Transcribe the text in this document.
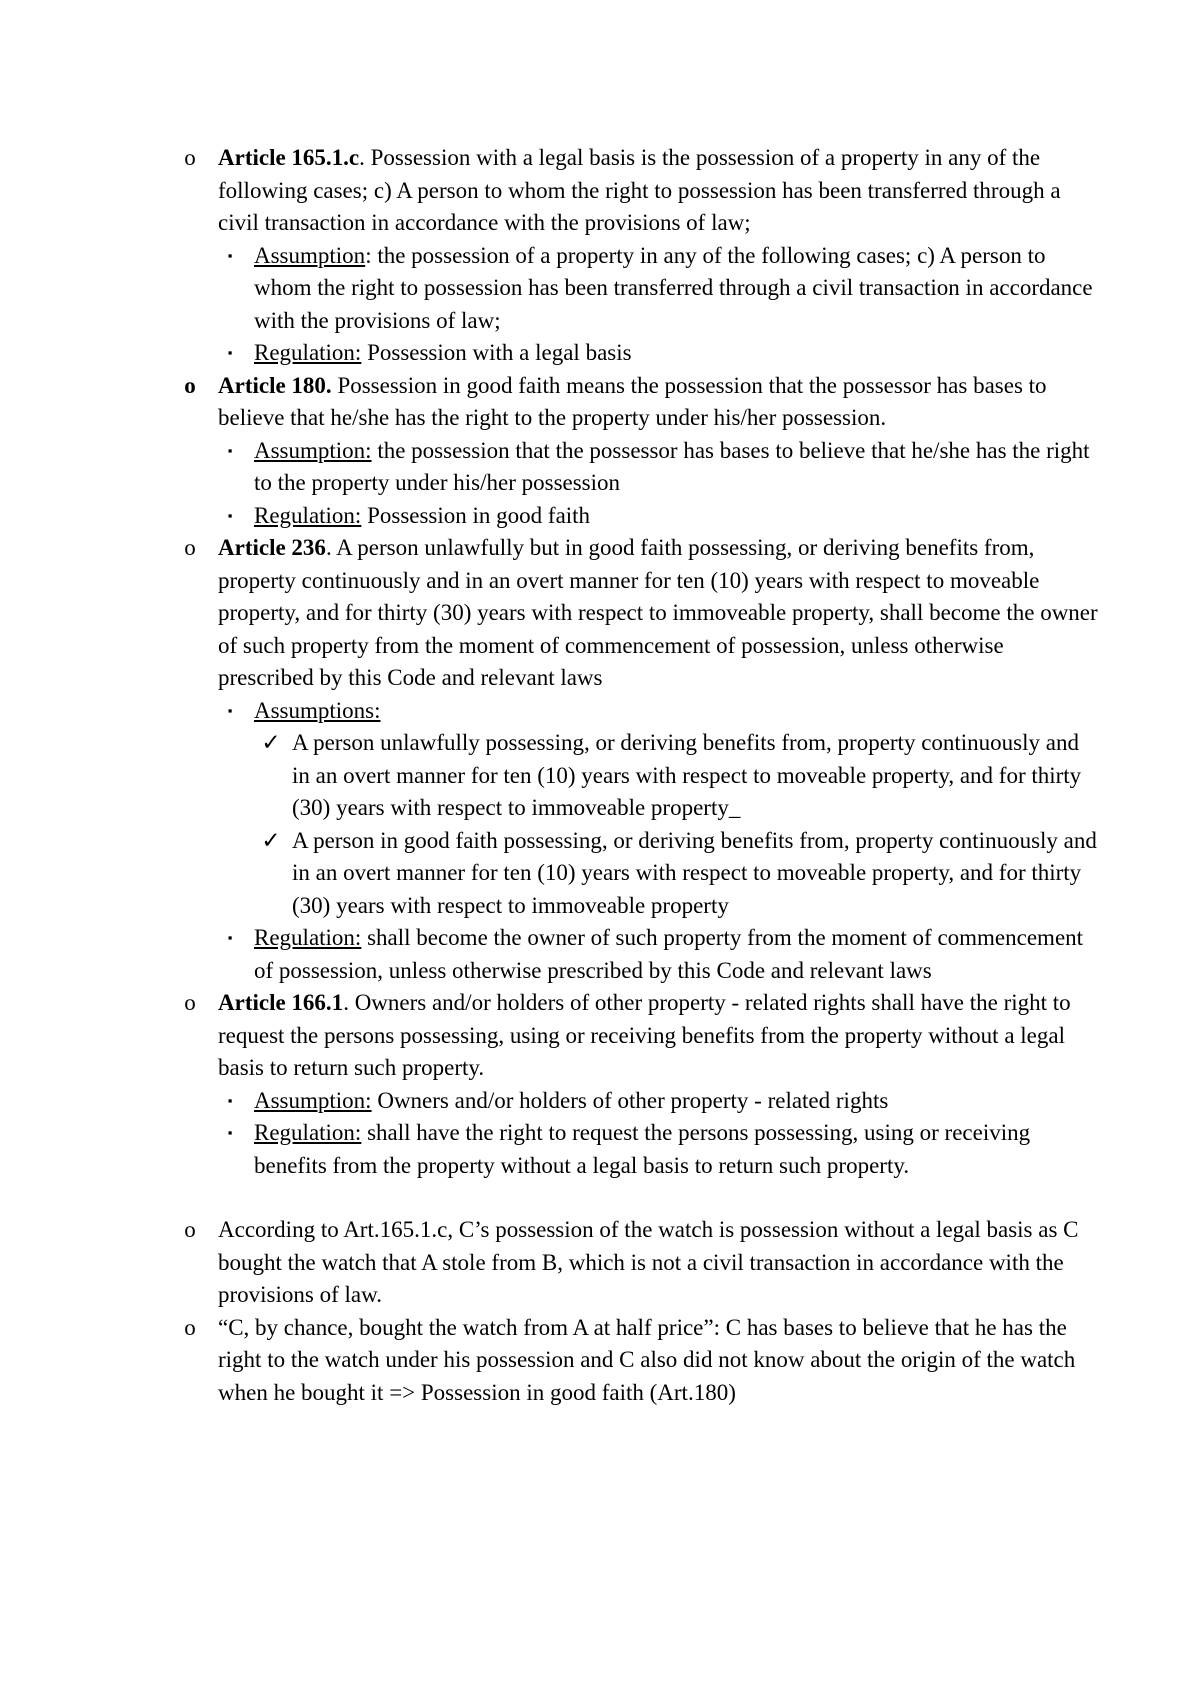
o Article 165.1.c. Possession with a legal basis is the possession of a property in any of the following cases; c) A person to whom the right to possession has been transferred through a civil transaction in accordance with the provisions of law;
▪ Assumption: the possession of a property in any of the following cases; c) A person to whom the right to possession has been transferred through a civil transaction in accordance with the provisions of law;
▪ Regulation: Possession with a legal basis
o Article 180. Possession in good faith means the possession that the possessor has bases to believe that he/she has the right to the property under his/her possession.
▪ Assumption: the possession that the possessor has bases to believe that he/she has the right to the property under his/her possession
▪ Regulation: Possession in good faith
o Article 236. A person unlawfully but in good faith possessing, or deriving benefits from, property continuously and in an overt manner for ten (10) years with respect to moveable property, and for thirty (30) years with respect to immoveable property, shall become the owner of such property from the moment of commencement of possession, unless otherwise prescribed by this Code and relevant laws
▪ Assumptions:
✓ A person unlawfully possessing, or deriving benefits from, property continuously and in an overt manner for ten (10) years with respect to moveable property, and for thirty (30) years with respect to immoveable property_
✓ A person in good faith possessing, or deriving benefits from, property continuously and in an overt manner for ten (10) years with respect to moveable property, and for thirty (30) years with respect to immoveable property
▪ Regulation: shall become the owner of such property from the moment of commencement of possession, unless otherwise prescribed by this Code and relevant laws
o Article 166.1. Owners and/or holders of other property - related rights shall have the right to request the persons possessing, using or receiving benefits from the property without a legal basis to return such property.
▪ Assumption: Owners and/or holders of other property - related rights
▪ Regulation: shall have the right to request the persons possessing, using or receiving benefits from the property without a legal basis to return such property.
o According to Art.165.1.c, C’s possession of the watch is possession without a legal basis as C bought the watch that A stole from B, which is not a civil transaction in accordance with the provisions of law.
o “C, by chance, bought the watch from A at half price”: C has bases to believe that he has the right to the watch under his possession and C also did not know about the origin of the watch when he bought it => Possession in good faith (Art.180)
